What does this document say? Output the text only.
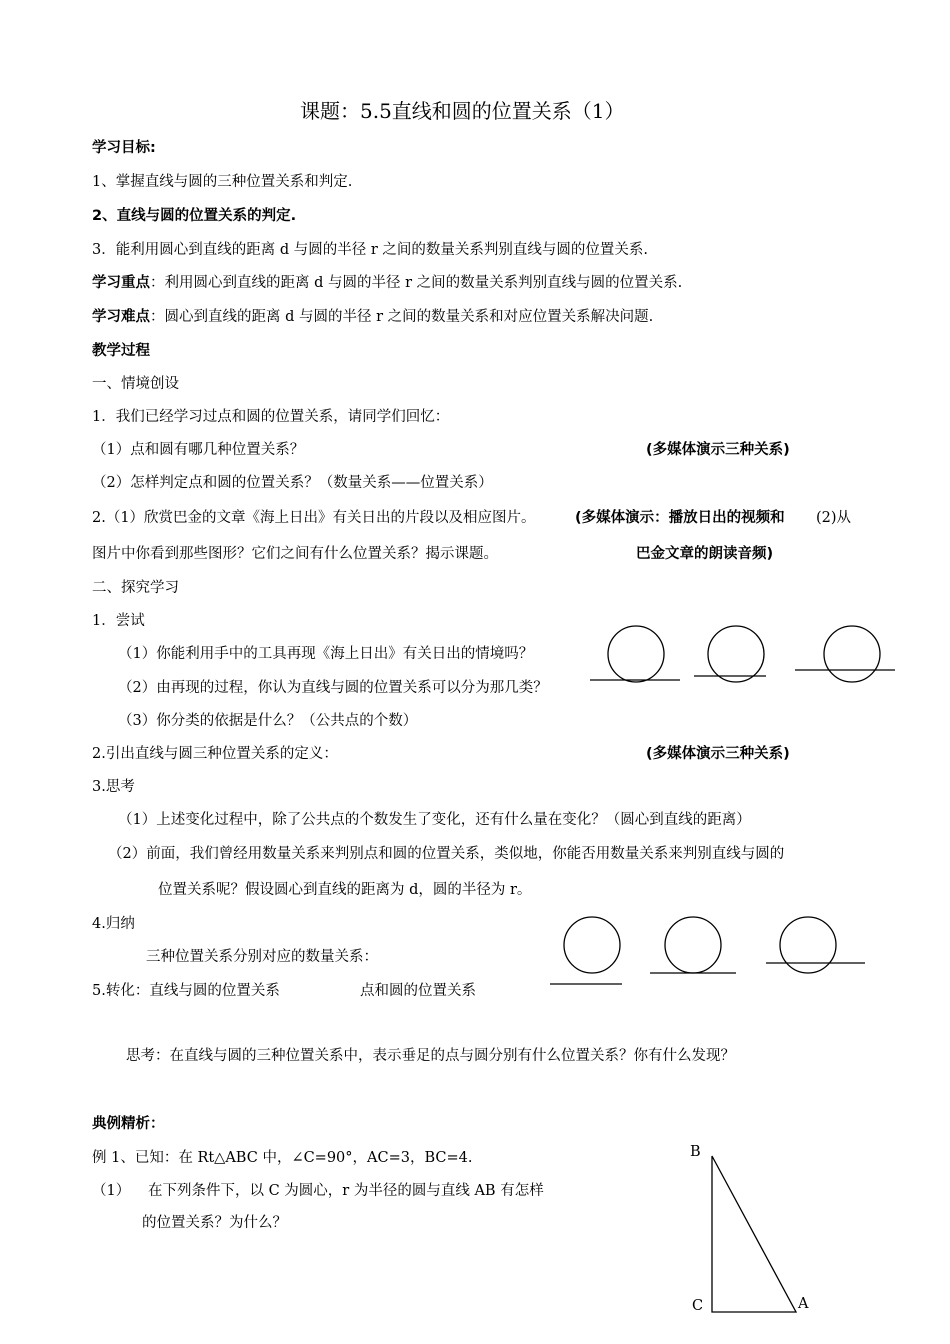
课题：5.5直线和圆的位置关系（1）
学习目标:
1、掌握直线与圆的三种位置关系和判定.
2、直线与圆的位置关系的判定.
3．能利用圆心到直线的距离 d 与圆的半径 r 之间的数量关系判别直线与圆的位置关系.
学习重点：利用圆心到直线的距离 d 与圆的半径 r 之间的数量关系判别直线与圆的位置关系.
学习难点：圆心到直线的距离 d 与圆的半径 r 之间的数量关系和对应位置关系解决问题.
教学过程
一、情境创设
1．我们已经学习过点和圆的位置关系，请同学们回忆：
（1）点和圆有哪几种位置关系？	(多媒体演示三种关系)
（2）怎样判定点和圆的位置关系？（数量关系——位置关系）
2.（1）欣赏巴金的文章《海上日出》有关日出的片段以及相应图片。	(多媒体演示：播放日出的视频和 (2)从
图片中你看到那些图形？它们之间有什么位置关系？揭示课题。	巴金文章的朗读音频)
二、探究学习
1．尝试
（1）你能利用手中的工具再现《海上日出》有关日出的情境吗？
（2）由再现的过程，你认为直线与圆的位置关系可以分为那几类？
（3）你分类的依据是什么？（公共点的个数）
2.引出直线与圆三种位置关系的定义：	(多媒体演示三种关系)
3.思考
（1）上述变化过程中，除了公共点的个数发生了变化，还有什么量在变化？（圆心到直线的距离）
（2）前面，我们曾经用数量关系来判别点和圆的位置关系，类似地，你能否用数量关系来判别直线与圆的
位置关系呢？假设圆心到直线的距离为 d，圆的半径为 r。
4.归纳
三种位置关系分别对应的数量关系：
5.转化：直线与圆的位置关系	点和圆的位置关系
思考：在直线与圆的三种位置关系中，表示垂足的点与圆分别有什么位置关系？你有什么发现？
典例精析：
例 1、已知：在 Rt△ABC 中，∠C=90°，AC=3，BC=4.
（1） 在下列条件下，以 C 为圆心，r 为半径的圆与直线 AB 有怎样
的位置关系？为什么？
B
C	A
